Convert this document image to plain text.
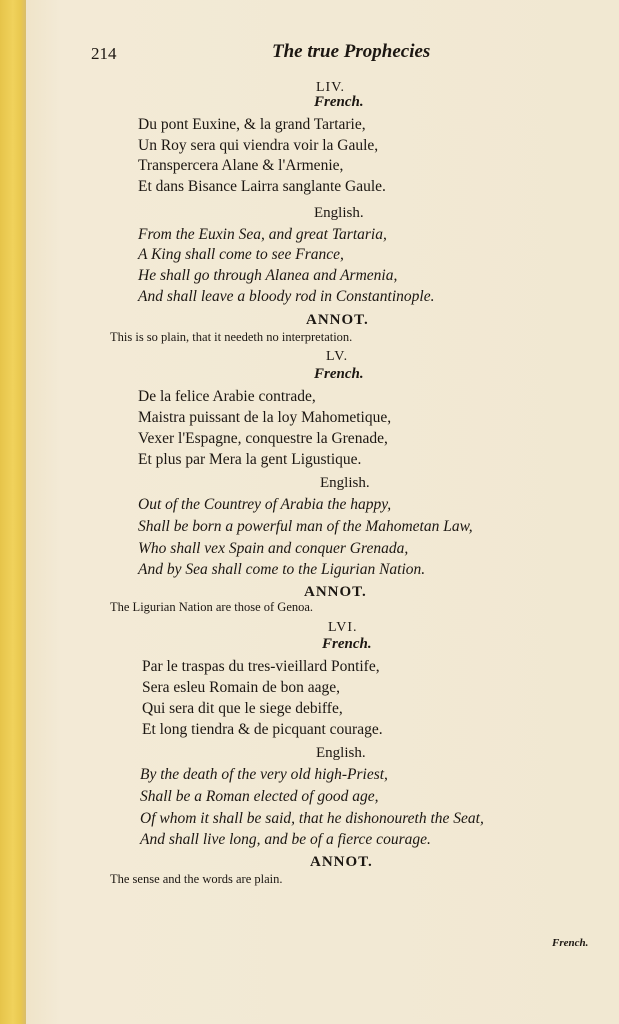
214	The true Prophecies
LIV.
French.
Du pont Euxine, & la grand Tartarie,
Un Roy sera qui viendra voir la Gaule,
Transpercera Alane & l'Armenie,
Et dans Bisance Lairra sanglante Gaule.
English.
From the Euxin Sea, and great Tartaria,
A King shall come to see France,
He shall go through Alanea and Armenia,
And shall leave a bloody rod in Constantinople.
ANNOT.
This is so plain, that it needeth no interpretation.
LV.
French.
De la felice Arabie contrade,
Maistra puissant de la loy Mahometique,
Vexer l'Espagne, conquestre la Grenade,
Et plus par Mera la gent Ligustique.
English.
Out of the Countrey of Arabia the happy,
Shall be born a powerful man of the Mahometan Law,
Who shall vex Spain and conquer Grenada,
And by Sea shall come to the Ligurian Nation.
ANNOT.
The Ligurian Nation are those of Genoa.
LVI.
French.
Par le traspas du tres-vieillard Pontife,
Sera esleu Romain de bon aage,
Qui sera dit que le siege debiffe,
Et long tiendra & de picquant courage.
English.
By the death of the very old high-Priest,
Shall be a Roman elected of good age,
Of whom it shall be said, that he dishonoureth the Seat,
And shall live long, and be of a fierce courage.
ANNOT.
The sense and the words are plain.
French.
